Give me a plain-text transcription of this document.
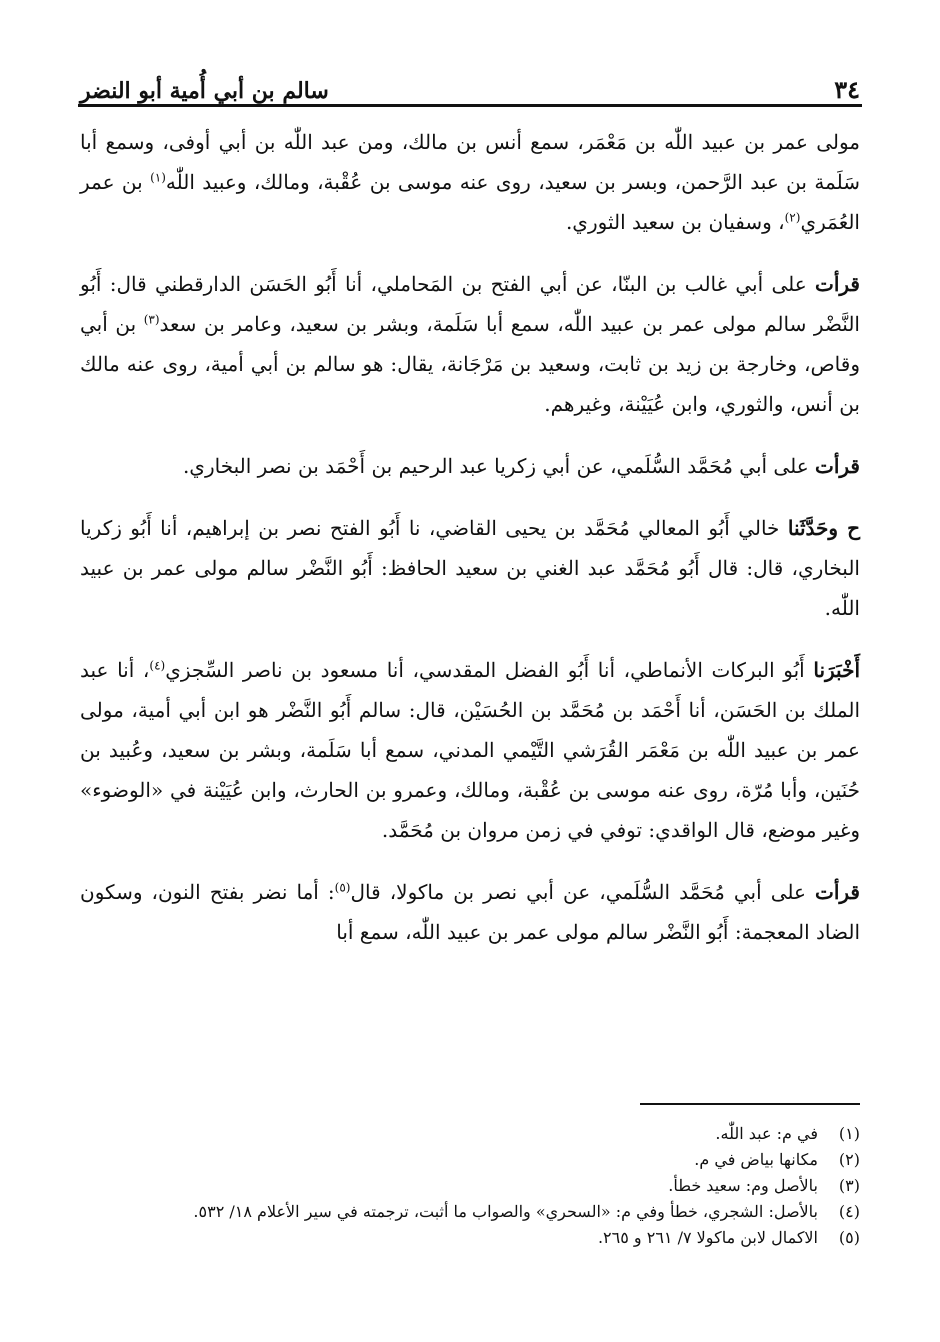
٣٤
سالم بن أبي أُمية أبو النضر

مولى عمر بن عبيد اللّٰه بن مَعْمَر، سمع أنس بن مالك، ومن عبد اللّٰه بن أبي أوفى، وسمع أبا سَلَمة بن عبد الرَّحمن، وبسر بن سعيد، روى عنه موسى بن عُقْبة، ومالك، وعبيد اللّٰه$^{(١)}$ بن عمر العُمَري$^{(٢)}$، وسفيان بن سعيد الثوري.

قرأت على أبي غالب بن البنّا، عن أبي الفتح بن المَحاملي، أنا أَبُو الحَسَن الدارقطني قال: أَبُو النَّضْر سالم مولى عمر بن عبيد اللّٰه، سمع أبا سَلَمة، وبشر بن سعيد، وعامر بن سعد$^{(٣)}$ بن أبي وقاص، وخارجة بن زيد بن ثابت، وسعيد بن مَرْجَانة، يقال: هو سالم بن أبي أمية، روى عنه مالك بن أنس، والثوري، وابن عُيَيْنة، وغيرهم.

قرأت على أبي مُحَمَّد السُّلَمي، عن أبي زكريا عبد الرحيم بن أَحْمَد بن نصر البخاري.

ح وحَدَّثَنا خالي أَبُو المعالي مُحَمَّد بن يحيى القاضي، نا أَبُو الفتح نصر بن إبراهيم، أنا أَبُو زكريا البخاري، قال: قال أَبُو مُحَمَّد عبد الغني بن سعيد الحافظ: أَبُو النَّضْر سالم مولى عمر بن عبيد اللّٰه.

أَخْبَرَنا أَبُو البركات الأنماطي، أنا أَبُو الفضل المقدسي، أنا مسعود بن ناصر السِّجزي$^{(٤)}$، أنا عبد الملك بن الحَسَن، أنا أَحْمَد بن مُحَمَّد بن الحُسَيْن، قال: سالم أَبُو النَّضْر هو ابن أبي أمية، مولى عمر بن عبيد اللّٰه بن مَعْمَر القُرَشي التَّيْمي المدني، سمع أبا سَلَمة، وبشر بن سعيد، وعُبيد بن حُنَين، وأبا مُرّة، روى عنه موسى بن عُقْبة، ومالك، وعمرو بن الحارث، وابن عُيَيْنة في «الوضوء» وغير موضع، قال الواقدي: توفي في زمن مروان بن مُحَمَّد.

قرأت على أبي مُحَمَّد السُّلَمي، عن أبي نصر بن ماكولا، قال$^{(٥)}$: أما نضر بفتح النون، وسكون الضاد المعجمة: أَبُو النَّضْر سالم مولى عمر بن عبيد اللّٰه، سمع أبا

(١)
في م: عبد اللّٰه.
(٢)
مكانها بياض في م.
(٣)
بالأصل وم: سعيد خطأ.
(٤)
بالأصل: الشجري، خطأ وفي م: «السحري» والصواب ما أثبت، ترجمته في سير الأعلام ١٨/ ٥٣٢.
(٥)
الاكمال لابن ماكولا ٧/ ٢٦١ و ٢٦٥.
